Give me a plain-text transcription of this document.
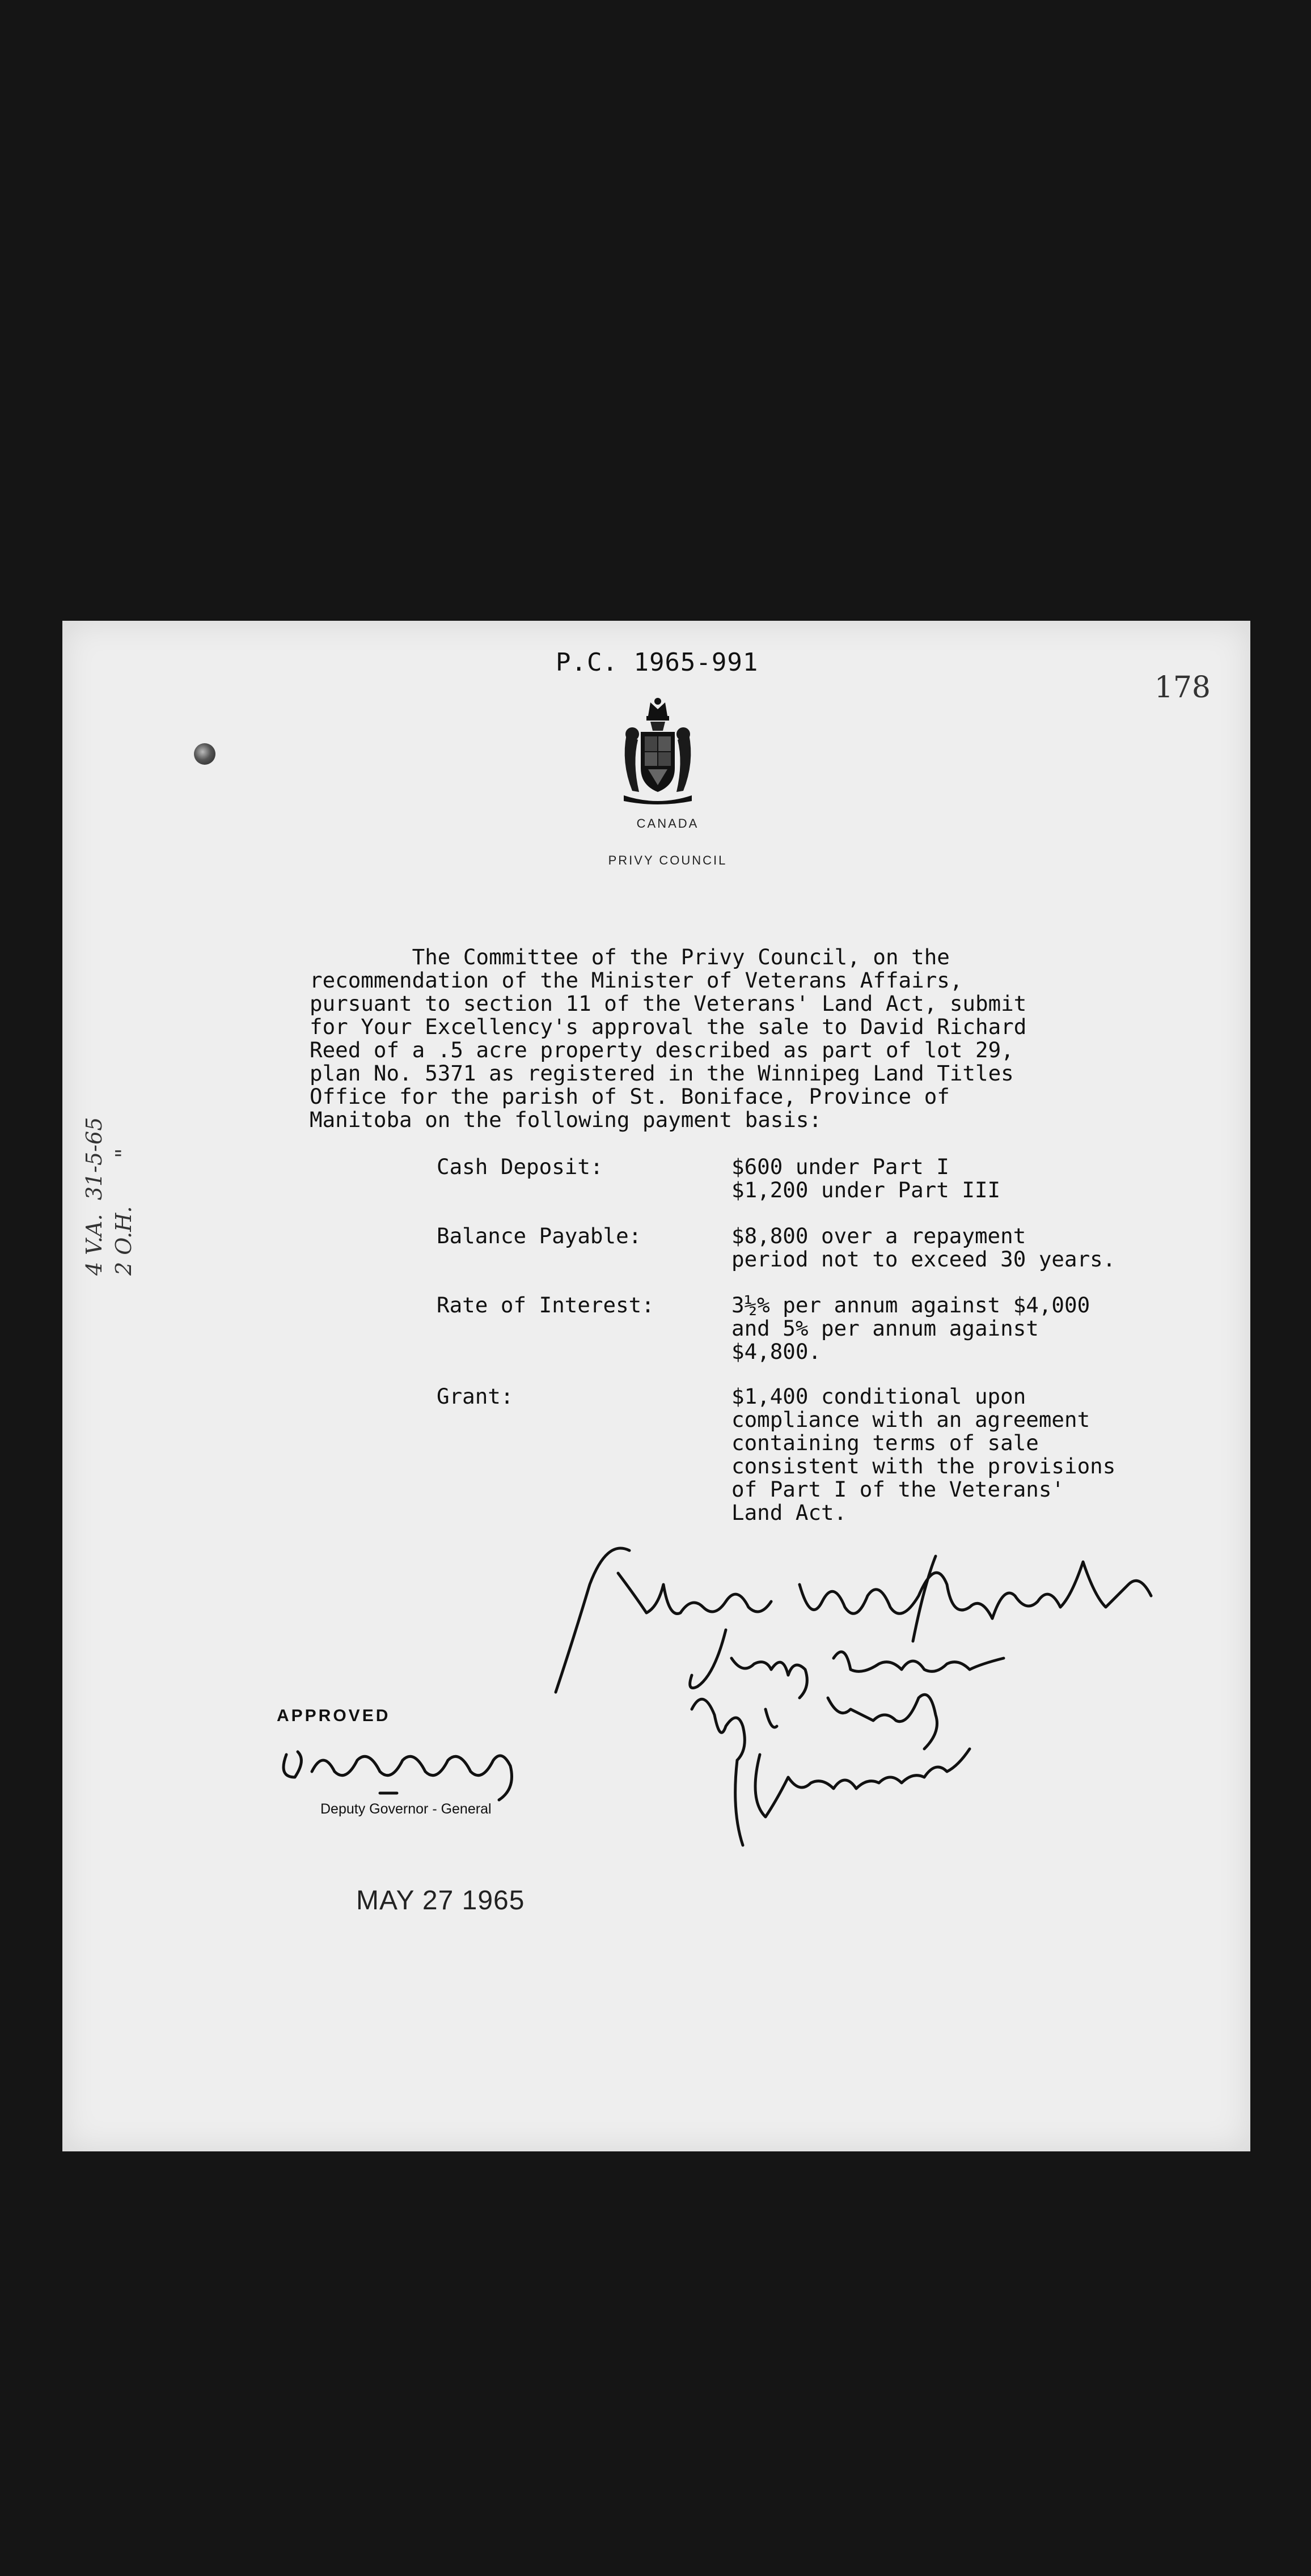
P.C. 1965-991
178
CANADA
PRIVY COUNCIL
The Committee of the Privy Council, on the
recommendation of the Minister of Veterans Affairs,
pursuant to section 11 of the Veterans' Land Act, submit
for Your Excellency's approval the sale to David Richard
Reed of a .5 acre property described as part of lot 29,
plan No. 5371 as registered in the Winnipeg Land Titles
Office for the parish of St. Boniface, Province of
Manitoba on the following payment basis:
Cash Deposit:	$600 under Part I
$1,200 under Part III
Balance Payable:	$8,800 over a repayment
period not to exceed 30 years.
Rate of Interest:	3½% per annum against $4,000
and 5% per annum against
$4,800.
Grant:	$1,400 conditional upon
compliance with an agreement
containing terms of sale
consistent with the provisions
of Part I of the Veterans'
Land Act.
4 V.A.  31-5-65 2 O.H.       "
APPROVED
Deputy Governor - General
MAY 27 1965
